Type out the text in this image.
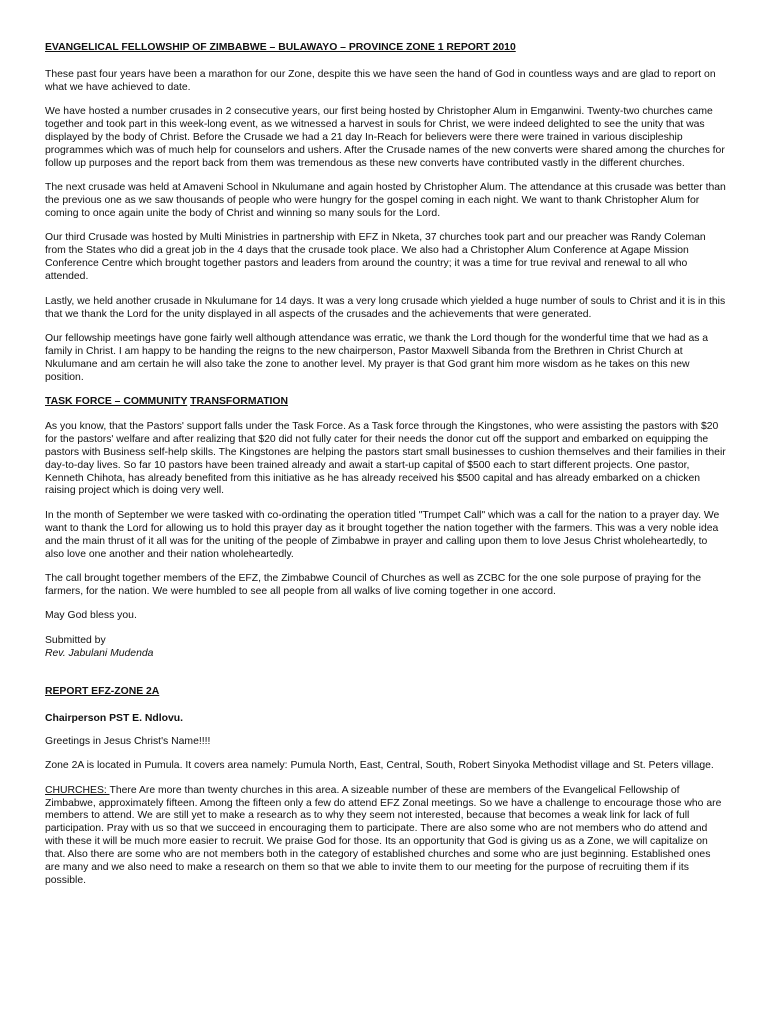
EVANGELICAL FELLOWSHIP OF ZIMBABWE – BULAWAYO – PROVINCE ZONE 1 REPORT 2010
These past four years have been a marathon for our Zone, despite this we have seen the hand of God in countless ways and are glad to report on what we have achieved to date.
We have hosted a number crusades in 2 consecutive years, our first being hosted by Christopher Alum in Emganwini. Twenty-two churches came together and took part in this week-long event, as we witnessed a harvest in souls for Christ, we were indeed delighted to see the unity that was displayed by the body of Christ. Before the Crusade we had a 21 day In-Reach for believers were there were trained in various discipleship programmes which was of much help for counselors and ushers. After the Crusade names of the new converts were shared among the churches for follow up purposes and the report back from them was tremendous as these new converts have contributed vastly in the different churches.
The next crusade was held at Amaveni School in Nkulumane and again hosted by Christopher Alum. The attendance at this crusade was better than the previous one as we saw thousands of people who were hungry for the gospel coming in each night. We want to thank Christopher Alum for coming to once again unite the body of Christ and winning so many souls for the Lord.
Our third Crusade was hosted by Multi Ministries in partnership with EFZ in Nketa, 37 churches took part and our preacher was Randy Coleman from the States who did a great job in the 4 days that the crusade took place. We also had a Christopher Alum Conference at Agape Mission Conference Centre which brought together pastors and leaders from around the country; it was a time for true revival and renewal to all who attended.
Lastly, we held another crusade in Nkulumane for 14 days. It was a very long crusade which yielded a huge number of souls to Christ and it is in this that we thank the Lord for the unity displayed in all aspects of the crusades and the achievements that were generated.
Our fellowship meetings have gone fairly well although attendance was erratic, we thank the Lord though for the wonderful time that we had as a family in Christ. I am happy to be handing the reigns to the new chairperson, Pastor Maxwell Sibanda from the Brethren in Christ Church at Nkulumane and am certain he will also take the zone to another level. My prayer is that God grant him more wisdom as he takes on this new position.
TASK FORCE – COMMUNITY TRANSFORMATION
As you know, that the Pastors' support falls under the Task Force. As a Task force through the Kingstones, who were assisting the pastors with $20 for the pastors' welfare and after realizing that $20 did not fully cater for their needs the donor cut off the support and embarked on equipping the pastors with Business self-help skills. The Kingstones are helping the pastors start small businesses to cushion themselves and their families in their day-to-day lives. So far 10 pastors have been trained already and await a start-up capital of $500 each to start different projects. One pastor, Kenneth Chihota, has already benefited from this initiative as he has already received his $500 capital and has already embarked on a chicken raising project which is doing very well.
In the month of September we were tasked with co-ordinating the operation titled "Trumpet Call" which was a call for the nation to a prayer day. We want to thank the Lord for allowing us to hold this prayer day as it brought together the nation together with the farmers. This was a very noble idea and the main thrust of it all was for the uniting of the people of Zimbabwe in prayer and calling upon them to love Jesus Christ wholeheartedly, to also love one another and their nation wholeheartedly.
The call brought together members of the EFZ, the Zimbabwe Council of Churches as well as ZCBC for the one sole purpose of praying for the farmers, for the nation. We were humbled to see all people from all walks of live coming together in one accord.
May God bless you.
Submitted by
Rev. Jabulani Mudenda
REPORT EFZ-ZONE 2A
Chairperson PST E. Ndlovu.
Greetings in Jesus Christ's Name!!!!
Zone 2A is located in Pumula. It covers area namely: Pumula North, East, Central, South, Robert Sinyoka Methodist village and St. Peters village.
CHURCHES: There Are more than twenty churches in this area. A sizeable number of these are members of the Evangelical Fellowship of Zimbabwe, approximately fifteen. Among the fifteen only a few do attend EFZ Zonal meetings. So we have a challenge to encourage those who are members to attend. We are still yet to make a research as to why they seem not interested, because that becomes a weak link for lack of full participation. Pray with us so that we succeed in encouraging them to participate. There are also some who are not members who do attend and with these it will be much more easier to recruit. We praise God for those. Its an opportunity that God is giving us as a Zone, we will capitalize on that. Also there are some who are not members both in the category of established churches and some who are just beginning. Established ones are many and we also need to make a research on them so that we able to invite them to our meeting for the purpose of recruiting them if its possible.
